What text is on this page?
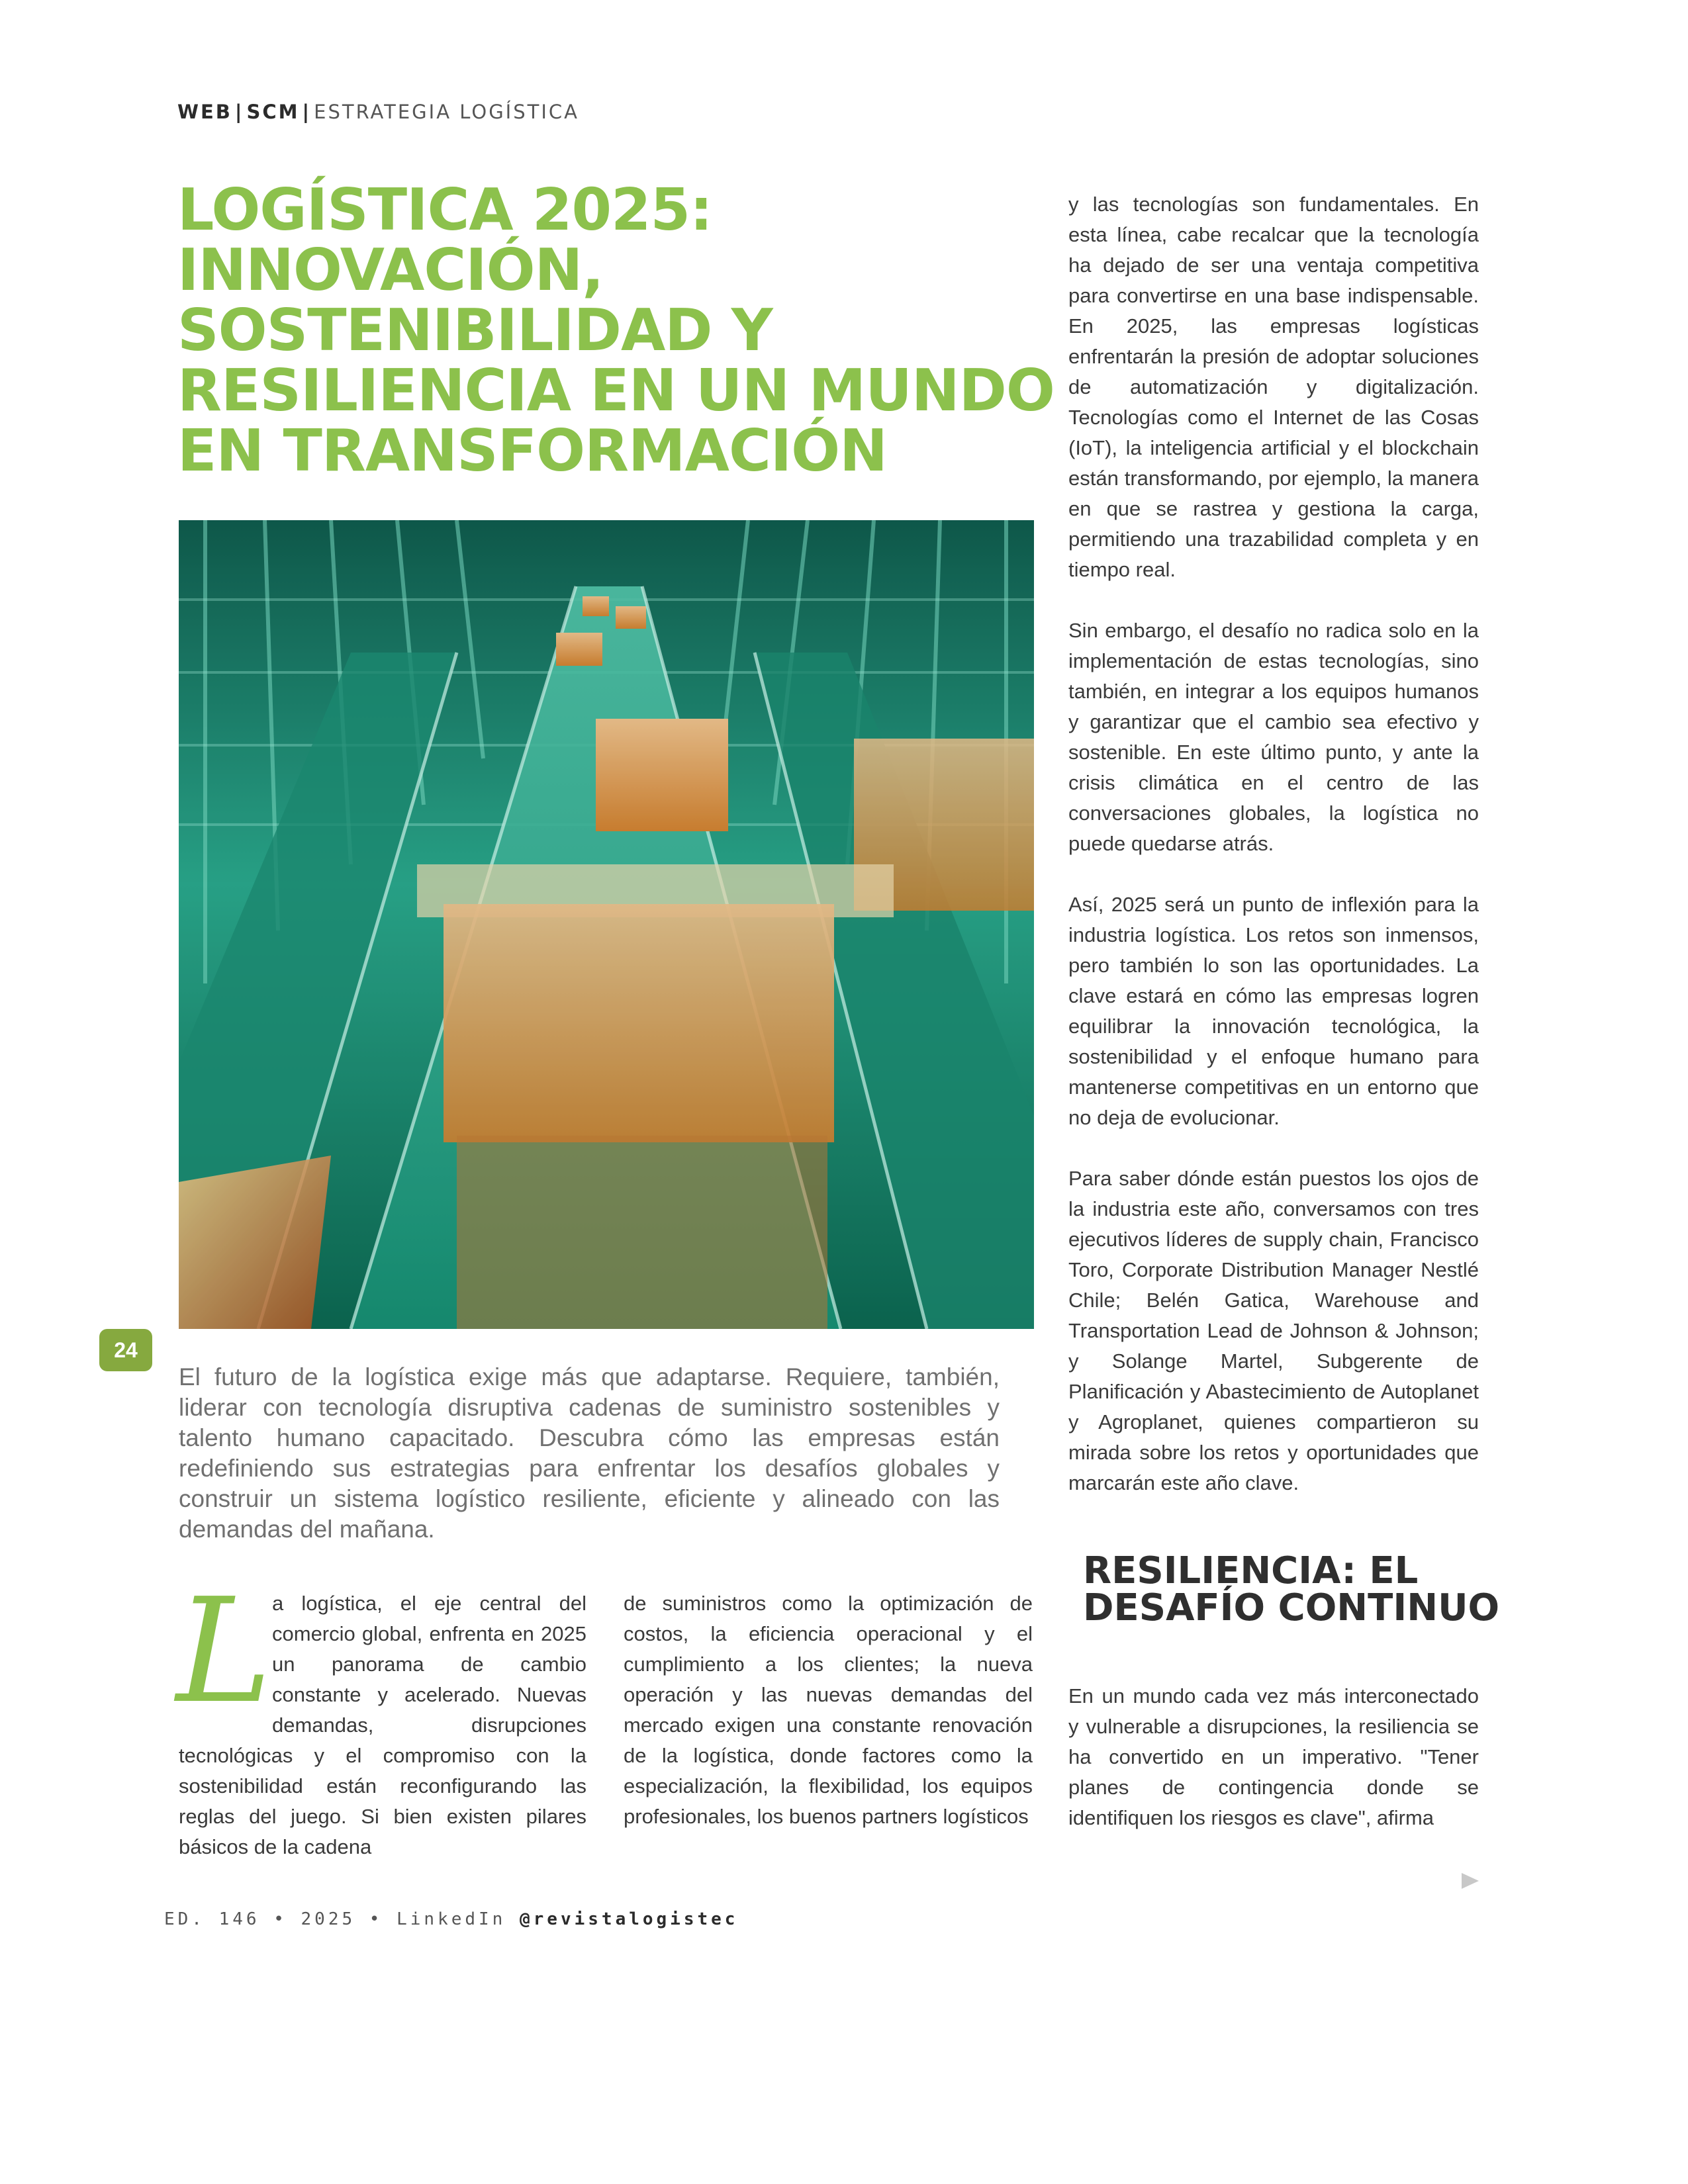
WEB | SCM | ESTRATEGIA LOGÍSTICA
LOGÍSTICA 2025:
INNOVACIÓN,
SOSTENIBILIDAD Y
RESILIENCIA EN UN MUNDO
EN TRANSFORMACIÓN
24

El futuro de la logística exige más que adaptarse. Requiere, también, liderar con tecnología disruptiva cadenas de suministro sostenibles y talento humano capacitado. Descubra cómo las empresas están redefiniendo sus estrategias para enfrentar los desafíos globales y construir un sistema logístico resiliente, eficiente y alineado con las demandas del mañana.

y las tecnologías son fundamentales. En esta línea, cabe recalcar que la tecnología ha dejado de ser una ventaja competitiva para convertirse en una base indispensable. En 2025, las empresas logísticas enfrentarán la presión de adoptar soluciones de automatización y digitalización. Tecnologías como el Internet de las Cosas (IoT), la inteligencia artificial y el blockchain están transformando, por ejemplo, la manera en que se rastrea y gestiona la carga, permitiendo una trazabilidad completa y en tiempo real.

Sin embargo, el desafío no radica solo en la implementación de estas tecnologías, sino también, en integrar a los equipos humanos y garantizar que el cambio sea efectivo y sostenible. En este último punto, y ante la crisis climática en el centro de las conversaciones globales, la logística no puede quedarse atrás.

Así, 2025 será un punto de inflexión para la industria logística. Los retos son inmensos, pero también lo son las oportunidades. La clave estará en cómo las empresas logren equilibrar la innovación tecnológica, la sostenibilidad y el enfoque humano para mantenerse competitivas en un entorno que no deja de evolucionar.

Para saber dónde están puestos los ojos de la industria este año, conversamos con tres ejecutivos líderes de supply chain, Francisco Toro, Corporate Distribution Manager Nestlé Chile; Belén Gatica, Warehouse and Transportation Lead de Johnson & Johnson; y Solange Martel, Subgerente de Planificación y Abastecimiento de Autoplanet y Agroplanet, quienes compartieron su mirada sobre los retos y oportunidades que marcarán este año clave.

L a logística, el eje central del comercio global, enfrenta en 2025 un panorama de cambio constante y acelerado. Nuevas demandas, disrupciones tecnológicas y el compromiso con la sostenibilidad están reconfigurando las reglas del juego. Si bien existen pilares básicos de la cadena

de suministros como la optimización de costos, la eficiencia operacional y el cumplimiento a los clientes; la nueva operación y las nuevas demandas del mercado exigen una constante renovación de la logística, donde factores como la especialización, la flexibilidad, los equipos profesionales, los buenos partners logísticos

RESILIENCIA: EL
DESAFÍO CONTINUO

En un mundo cada vez más interconectado y vulnerable a disrupciones, la resiliencia se ha convertido en un imperativo. "Tener planes de contingencia donde se identifiquen los riesgos es clave", afirma

ED. 146 • 2025 • LinkedIn @revistalogistec
